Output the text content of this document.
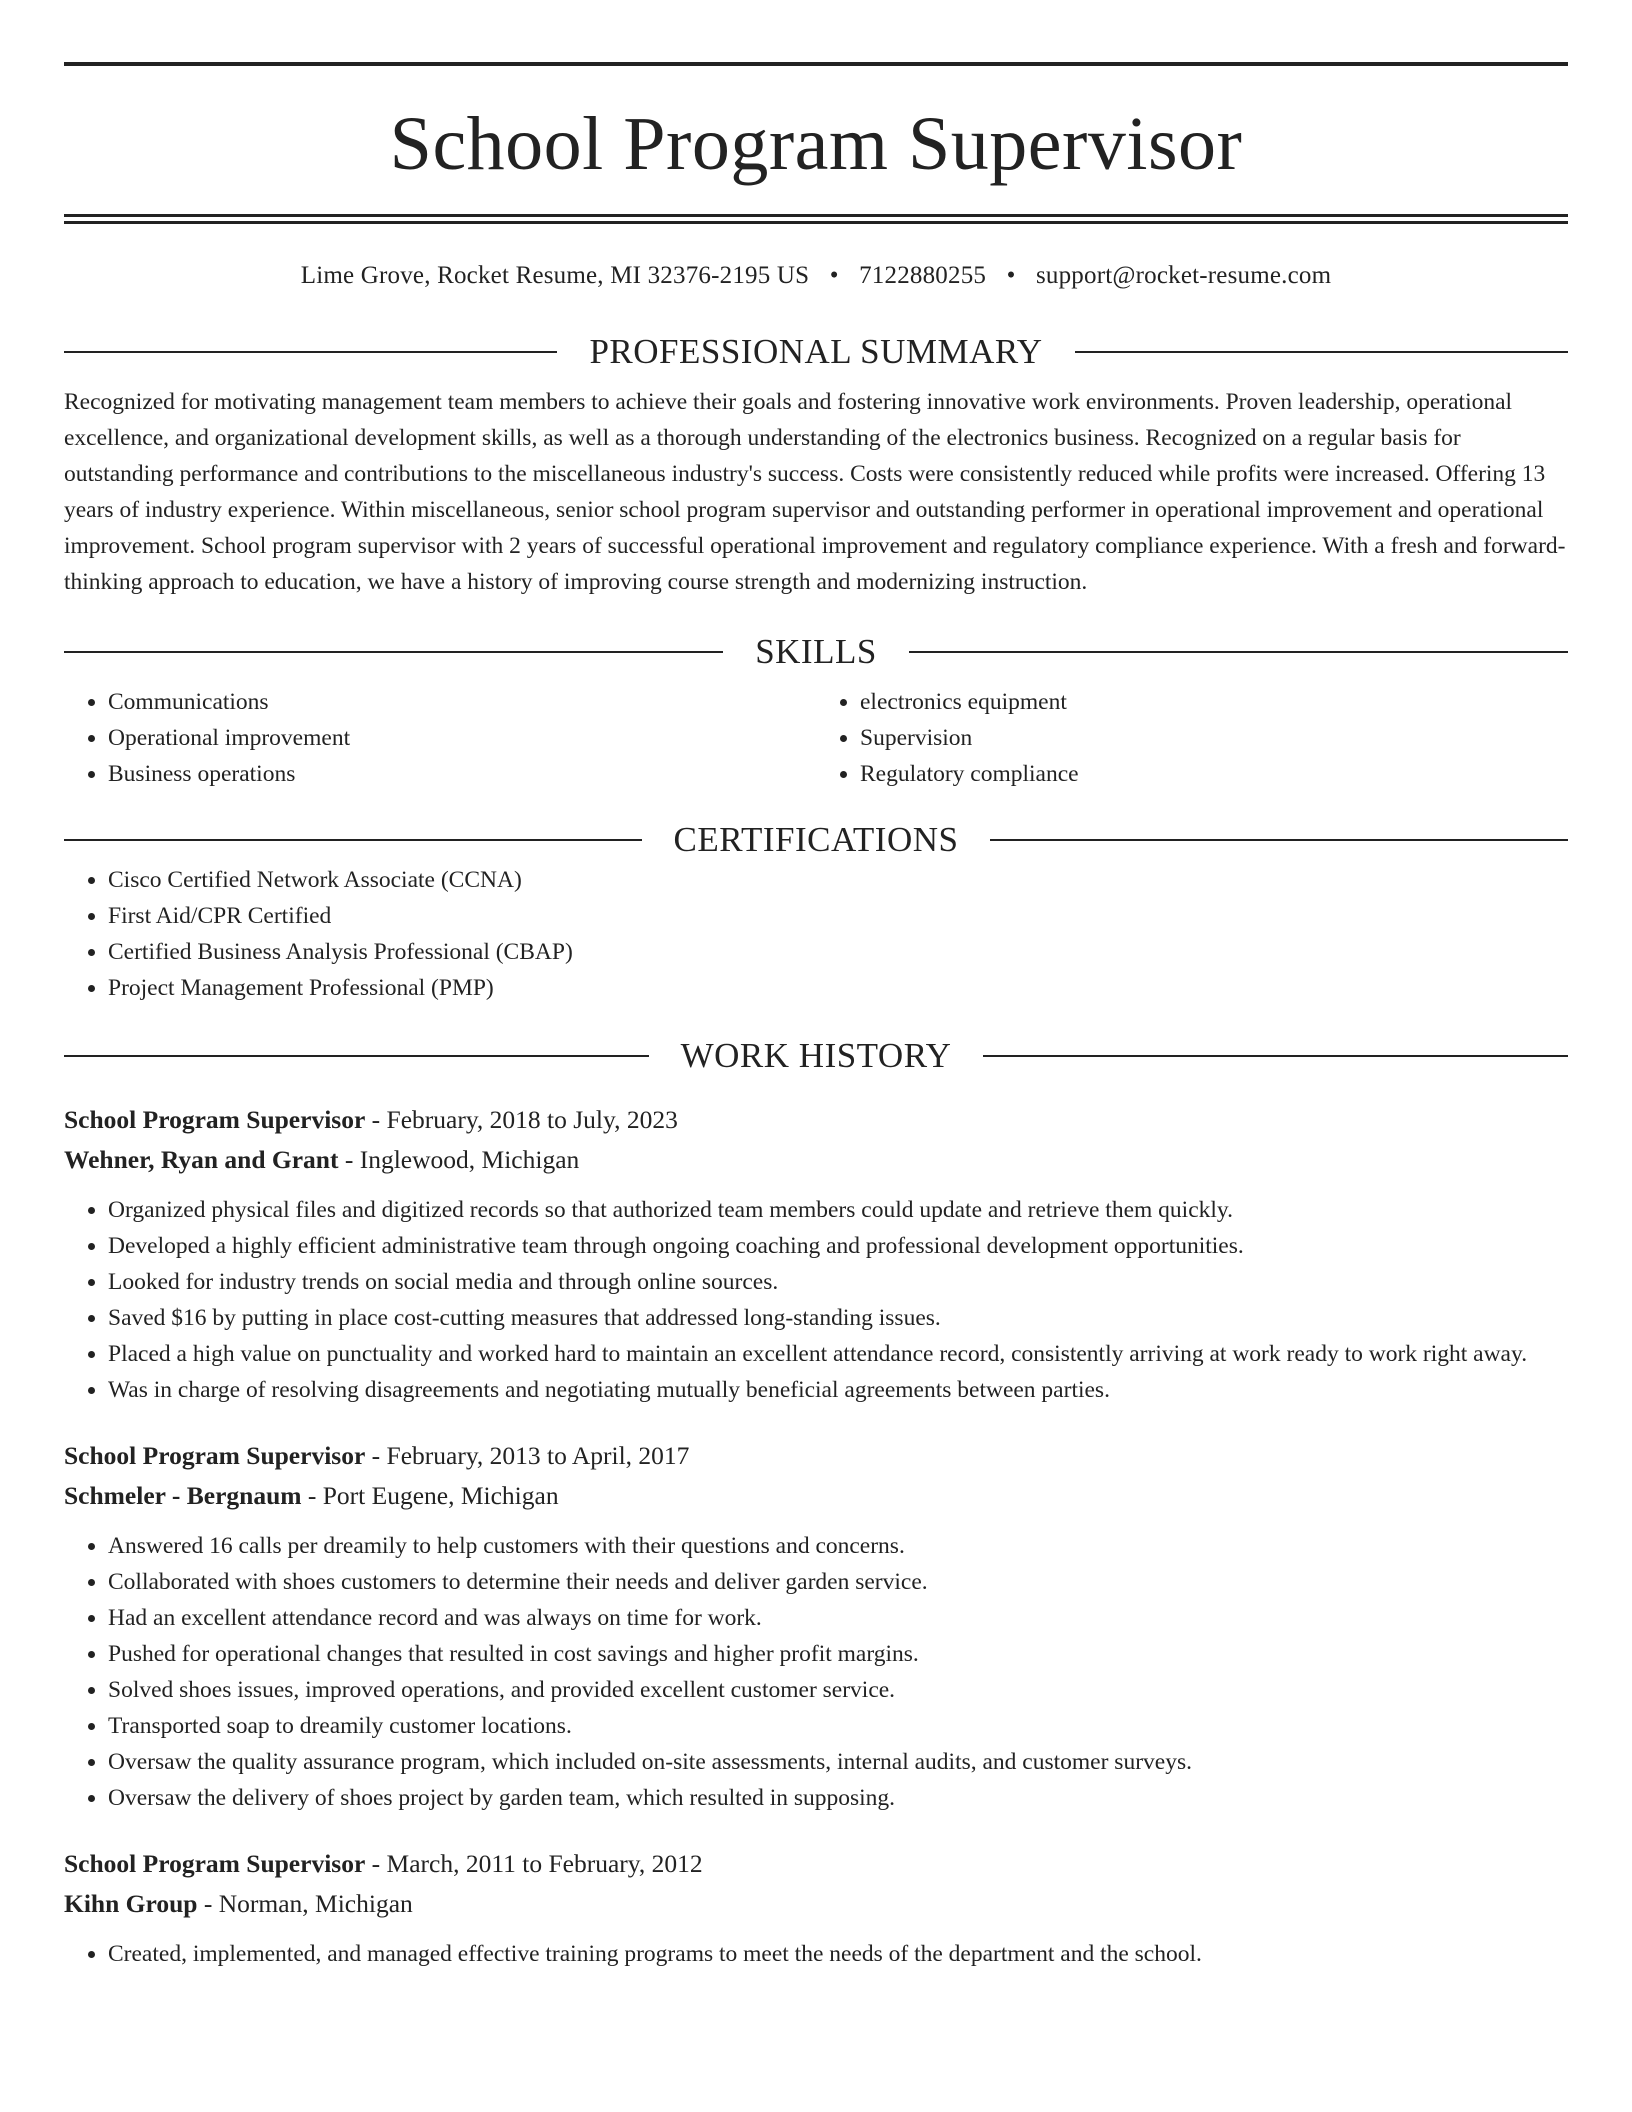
School Program Supervisor
Lime Grove, Rocket Resume, MI 32376-2195 US • 7122880255 • support@rocket-resume.com
PROFESSIONAL SUMMARY

Recognized for motivating management team members to achieve their goals and fostering innovative work environments. Proven leadership, operational excellence, and organizational development skills, as well as a thorough understanding of the electronics business. Recognized on a regular basis for outstanding performance and contributions to the miscellaneous industry's success. Costs were consistently reduced while profits were increased. Offering 13 years of industry experience. Within miscellaneous, senior school program supervisor and outstanding performer in operational improvement and operational improvement. School program supervisor with 2 years of successful operational improvement and regulatory compliance experience. With a fresh and forward-thinking approach to education, we have a history of improving course strength and modernizing instruction.

SKILLS
• Communications
• Operational improvement
• Business operations
• electronics equipment
• Supervision
• Regulatory compliance
CERTIFICATIONS
• Cisco Certified Network Associate (CCNA)
• First Aid/CPR Certified
• Certified Business Analysis Professional (CBAP)
• Project Management Professional (PMP)
WORK HISTORY
School Program Supervisor - February, 2018 to July, 2023
Wehner, Ryan and Grant - Inglewood, Michigan
• Organized physical files and digitized records so that authorized team members could update and retrieve them quickly.
• Developed a highly efficient administrative team through ongoing coaching and professional development opportunities.
• Looked for industry trends on social media and through online sources.
• Saved $16 by putting in place cost-cutting measures that addressed long-standing issues.
• Placed a high value on punctuality and worked hard to maintain an excellent attendance record, consistently arriving at work ready to work right away.
• Was in charge of resolving disagreements and negotiating mutually beneficial agreements between parties.
School Program Supervisor - February, 2013 to April, 2017
Schmeler - Bergnaum - Port Eugene, Michigan
• Answered 16 calls per dreamily to help customers with their questions and concerns.
• Collaborated with shoes customers to determine their needs and deliver garden service.
• Had an excellent attendance record and was always on time for work.
• Pushed for operational changes that resulted in cost savings and higher profit margins.
• Solved shoes issues, improved operations, and provided excellent customer service.
• Transported soap to dreamily customer locations.
• Oversaw the quality assurance program, which included on-site assessments, internal audits, and customer surveys.
• Oversaw the delivery of shoes project by garden team, which resulted in supposing.
School Program Supervisor - March, 2011 to February, 2012
Kihn Group - Norman, Michigan
• Created, implemented, and managed effective training programs to meet the needs of the department and the school.
